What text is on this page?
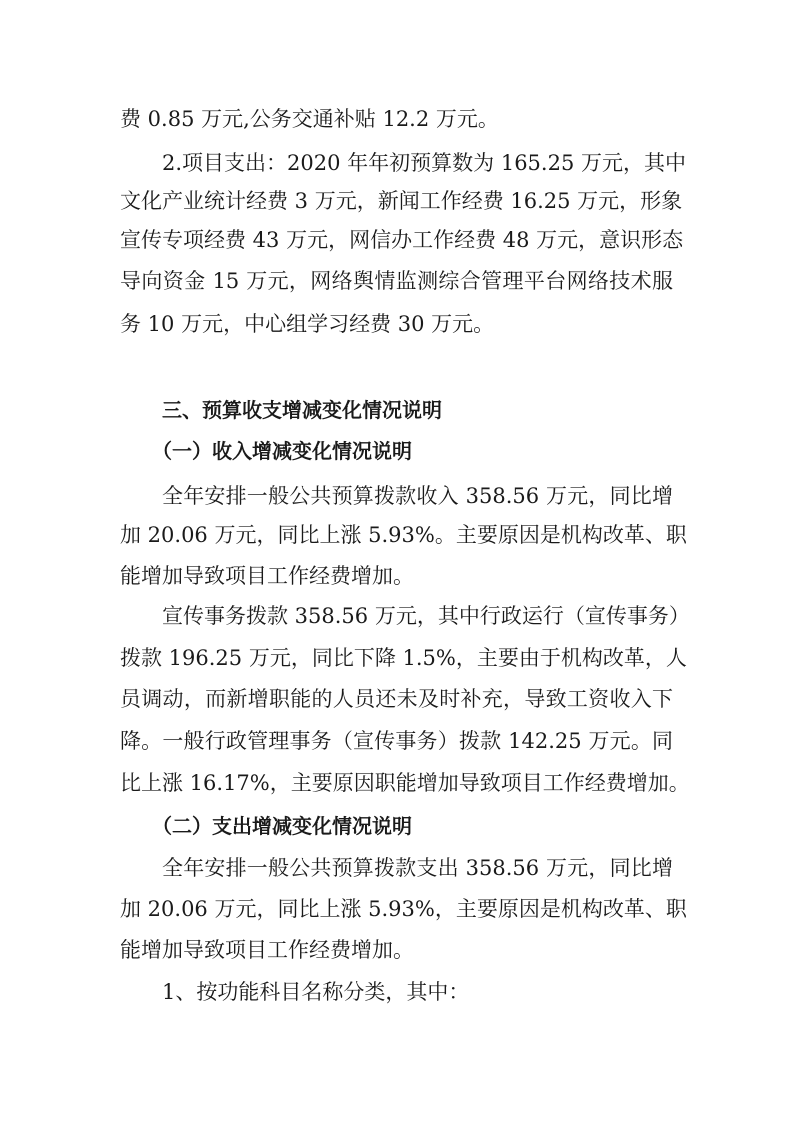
费 0.85 万元,公务交通补贴 12.2 万元。
2.项目支出：2020 年年初预算数为 165.25 万元，其中
文化产业统计经费 3 万元，新闻工作经费 16.25 万元，形象
宣传专项经费 43 万元，网信办工作经费 48 万元，意识形态
导向资金 15 万元，网络舆情监测综合管理平台网络技术服
务 10 万元，中心组学习经费 30 万元。
三、预算收支增减变化情况说明
（一）收入增减变化情况说明
全年安排一般公共预算拨款收入 358.56 万元，同比增
加 20.06 万元，同比上涨 5.93%。主要原因是机构改革、职
能增加导致项目工作经费增加。
宣传事务拨款 358.56 万元，其中行政运行（宣传事务）
拨款 196.25 万元，同比下降 1.5%，主要由于机构改革，人
员调动，而新增职能的人员还未及时补充，导致工资收入下
降。一般行政管理事务（宣传事务）拨款 142.25 万元。同
比上涨 16.17%，主要原因职能增加导致项目工作经费增加。
（二）支出增减变化情况说明
全年安排一般公共预算拨款支出 358.56 万元，同比增
加 20.06 万元，同比上涨 5.93%，主要原因是机构改革、职
能增加导致项目工作经费增加。
1、按功能科目名称分类，其中：
